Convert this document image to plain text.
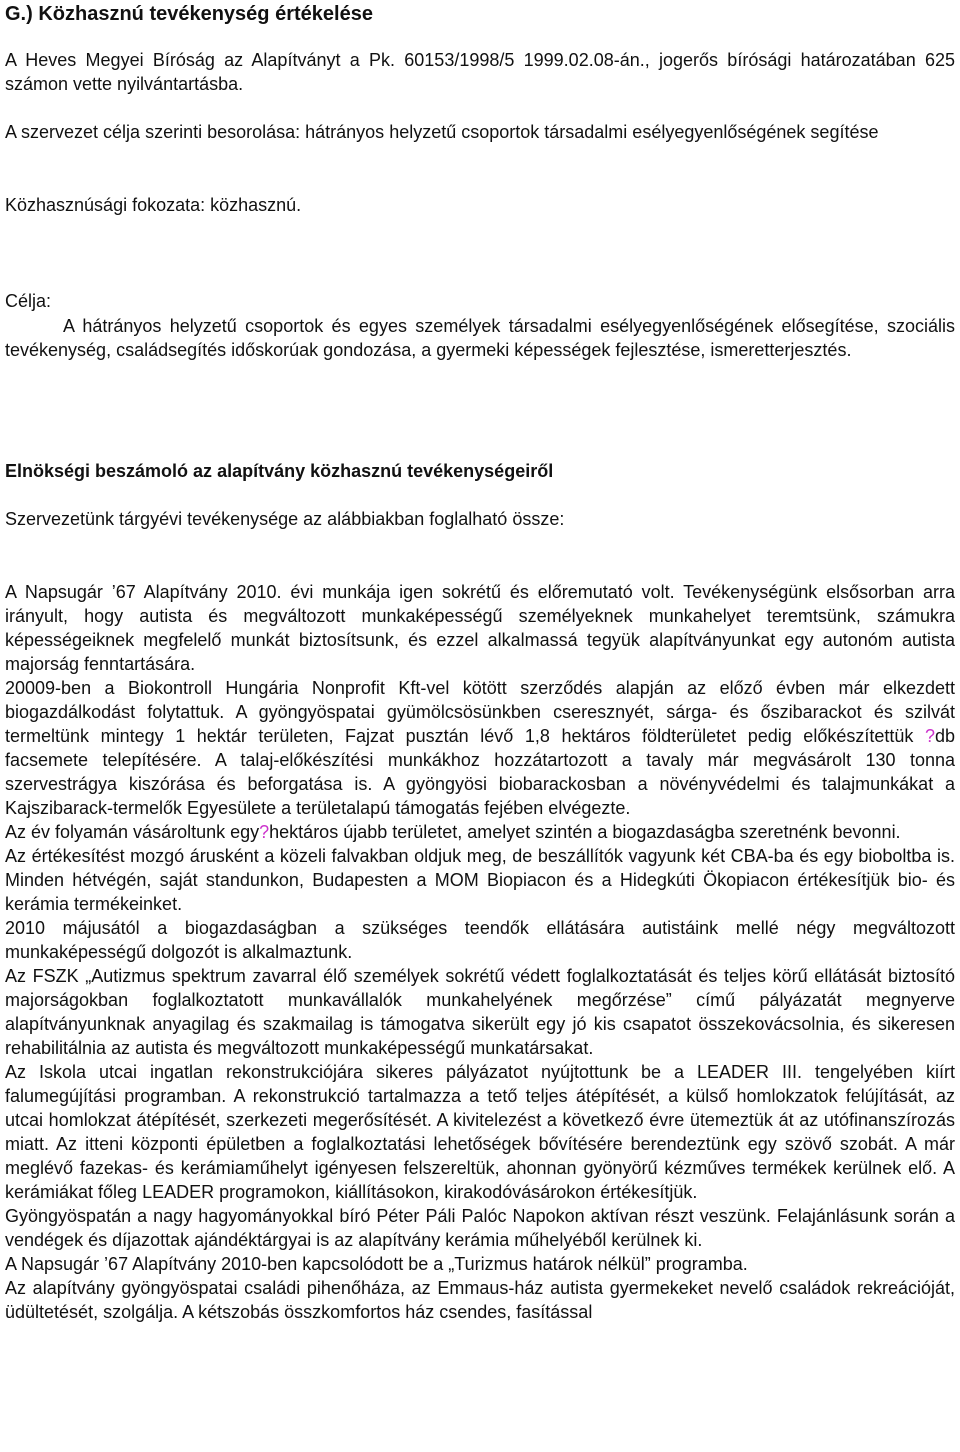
G.) Közhasznú tevékenység értékelése

A Heves Megyei Bíróság az Alapítványt a Pk. 60153/1998/5 1999.02.08-án., jogerős bírósági határozatában 625 számon vette nyilvántartásba.

A szervezet célja szerinti besorolása: hátrányos helyzetű csoportok társadalmi esélyegyenlőségének segítése

Közhasznúsági fokozata: közhasznú.

Célja:
A hátrányos helyzetű csoportok és egyes személyek társadalmi esélyegyenlőségének elősegítése, szociális tevékenység, családsegítés időskorúak gondozása, a gyermeki képességek fejlesztése, ismeretterjesztés.
Elnökségi beszámoló az alapítvány közhasznú tevékenységeiről

Szervezetünk tárgyévi tevékenysége az alábbiakban foglalható össze:

A Napsugár ’67 Alapítvány 2010. évi munkája igen sokrétű és előremutató volt. Tevékenységünk elsősorban arra irányult, hogy autista és megváltozott munkaképességű személyeknek munkahelyet teremtsünk, számukra képességeiknek megfelelő munkát biztosítsunk, és ezzel alkalmassá tegyük alapítványunkat egy autonóm autista majorság fenntartására.

20009-ben a Biokontroll Hungária Nonprofit Kft-vel kötött szerződés alapján az előző évben már elkezdett biogazdálkodást folytattuk. A gyöngyöspatai gyümölcsösünkben cseresznyét, sárga- és őszibarackot és szilvát termeltünk mintegy 1 hektár területen, Fajzat pusztán lévő 1,8 hektáros földterületet pedig előkészítettük ?db facsemete telepítésére. A talaj-előkészítési munkákhoz hozzátartozott a tavaly már megvásárolt 130 tonna szervestrágya kiszórása és beforgatása is. A gyöngyösi biobarackosban a növényvédelmi és talajmunkákat a Kajszibarack-termelők Egyesülete a területalapú támogatás fejében elvégezte.

Az év folyamán vásároltunk egy?hektáros újabb területet, amelyet szintén a biogazdaságba szeretnénk bevonni.

Az értékesítést mozgó árusként a közeli falvakban oldjuk meg, de beszállítók vagyunk két CBA-ba és egy bioboltba is. Minden hétvégén, saját standunkon, Budapesten a MOM Biopiacon és a Hidegkúti Ökopiacon értékesítjük bio- és kerámia termékeinket.

2010 májusától a biogazdaságban a szükséges teendők ellátására autistáink mellé négy megváltozott munkaképességű dolgozót is alkalmaztunk.

Az FSZK „Autizmus spektrum zavarral élő személyek sokrétű védett foglalkoztatását és teljes körű ellátását biztosító majorságokban foglalkoztatott munkavállalók munkahelyének megőrzése” című pályázatát megnyerve alapítványunknak anyagilag és szakmailag is támogatva sikerült egy jó kis csapatot összekovácsolnia, és sikeresen rehabilitálnia az autista és megváltozott munkaképességű munkatársakat.

Az Iskola utcai ingatlan rekonstrukciójára sikeres pályázatot nyújtottunk be a LEADER III. tengelyében kiírt falumegújítási programban. A rekonstrukció tartalmazza a tető teljes átépítését, a külső homlokzatok felújítását, az utcai homlokzat átépítését, szerkezeti megerősítését. A kivitelezést a következő évre ütemeztük át az utófinanszírozás miatt. Az itteni központi épületben a foglalkoztatási lehetőségek bővítésére berendeztünk egy szövő szobát. A már meglévő fazekas- és kerámiaműhelyt igényesen felszereltük, ahonnan gyönyörű kézműves termékek kerülnek elő. A kerámiákat főleg LEADER programokon, kiállításokon, kirakodóvásárokon értékesítjük.

Gyöngyöspatán a nagy hagyományokkal bíró Péter Páli Palóc Napokon aktívan részt veszünk. Felajánlásunk során a vendégek és díjazottak ajándéktárgyai is az alapítvány kerámia műhelyéből kerülnek ki.

A Napsugár ’67 Alapítvány 2010-ben kapcsolódott be a „Turizmus határok nélkül” programba.

Az alapítvány gyöngyöspatai családi pihenőháza, az Emmaus-ház autista gyermekeket nevelő családok rekreációját, üdültetését, szolgálja. A kétszobás összkomfortos ház csendes, fasítással
